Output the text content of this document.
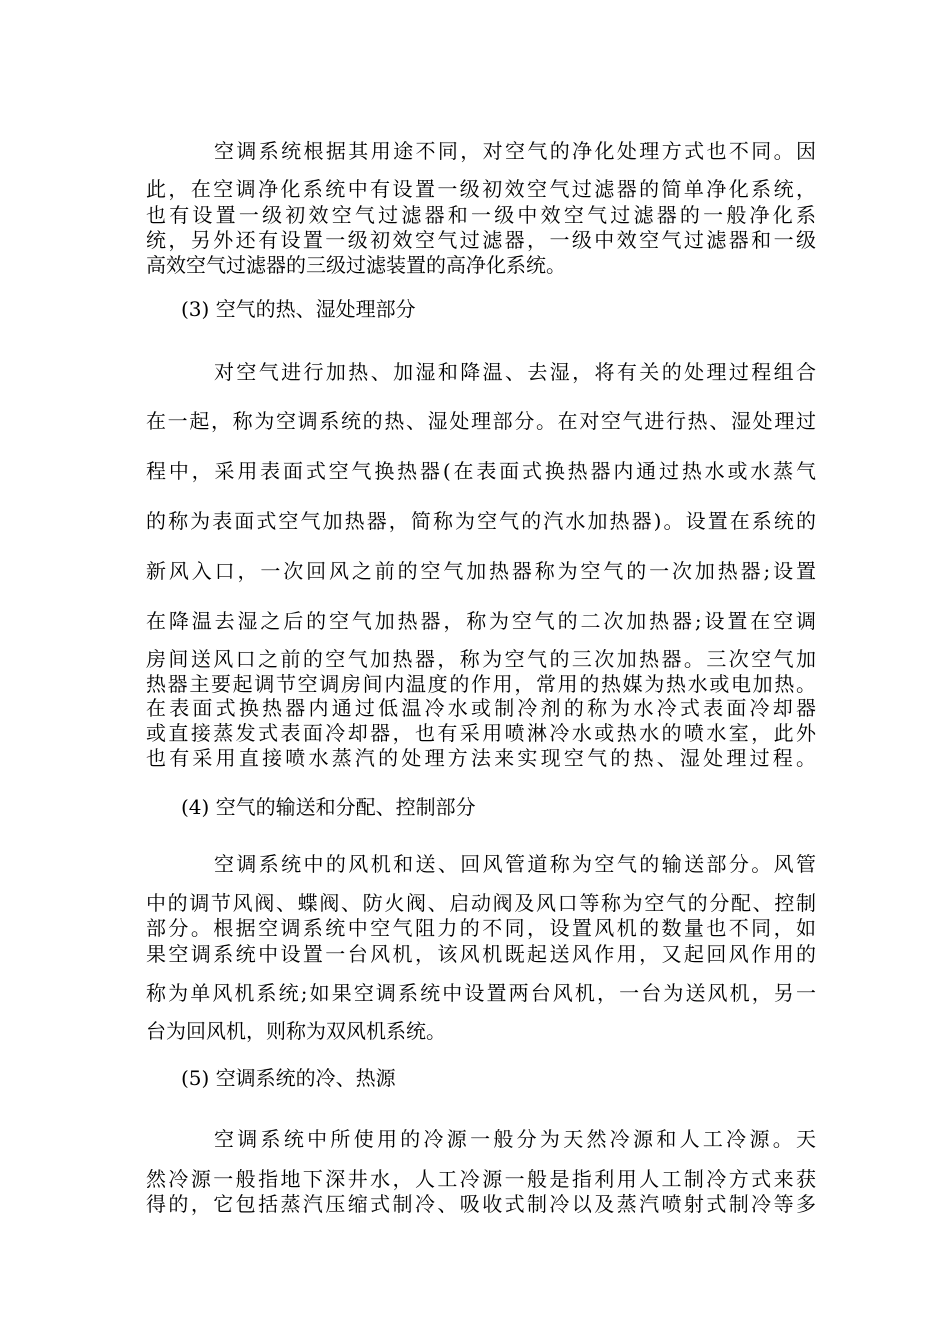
空调系统根据其用途不同，对空气的净化处理方式也不同。因

此，在空调净化系统中有设置一级初效空气过滤器的简单净化系统，

也有设置一级初效空气过滤器和一级中效空气过滤器的一般净化系

统，另外还有设置一级初效空气过滤器，一级中效空气过滤器和一级

高效空气过滤器的三级过滤装置的高净化系统。

(3) 空气的热、湿处理部分

对空气进行加热、加湿和降温、去湿，将有关的处理过程组合

在一起，称为空调系统的热、湿处理部分。在对空气进行热、湿处理过

程中，采用表面式空气换热器(在表面式换热器内通过热水或水蒸气

的称为表面式空气加热器，简称为空气的汽水加热器)。设置在系统的

新风入口，一次回风之前的空气加热器称为空气的一次加热器;设置

在降温去湿之后的空气加热器，称为空气的二次加热器;设置在空调

房间送风口之前的空气加热器，称为空气的三次加热器。三次空气加

热器主要起调节空调房间内温度的作用，常用的热媒为热水或电加热。

在表面式换热器内通过低温冷水或制冷剂的称为水冷式表面冷却器

或直接蒸发式表面冷却器，也有采用喷淋冷水或热水的喷水室，此外

也有采用直接喷水蒸汽的处理方法来实现空气的热、湿处理过程。

(4) 空气的输送和分配、控制部分

空调系统中的风机和送、回风管道称为空气的输送部分。风管

中的调节风阀、蝶阀、防火阀、启动阀及风口等称为空气的分配、控制

部分。根据空调系统中空气阻力的不同，设置风机的数量也不同，如

果空调系统中设置一台风机，该风机既起送风作用，又起回风作用的

称为单风机系统;如果空调系统中设置两台风机，一台为送风机，另一

台为回风机，则称为双风机系统。

(5) 空调系统的冷、热源

空调系统中所使用的冷源一般分为天然冷源和人工冷源。天

然冷源一般指地下深井水，人工冷源一般是指利用人工制冷方式来获

得的，它包括蒸汽压缩式制冷、吸收式制冷以及蒸汽喷射式制冷等多
